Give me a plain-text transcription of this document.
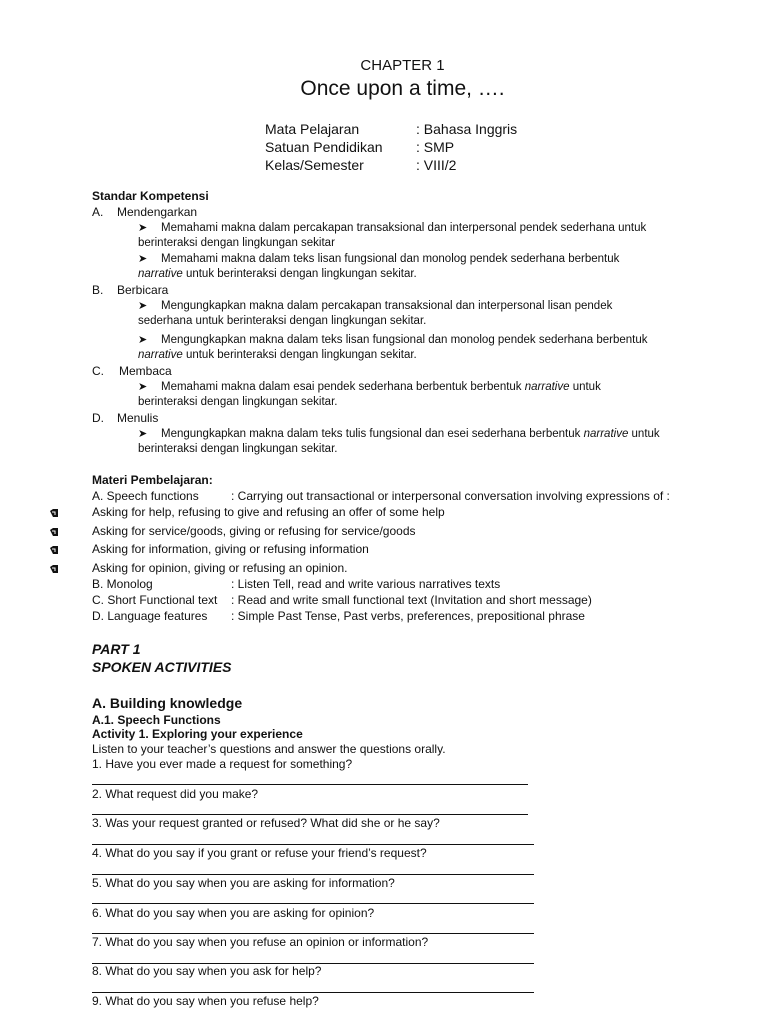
CHAPTER 1
Once upon a time, ….
Mata Pelajaran	: Bahasa Inggris
Satuan Pendidikan : SMP
Kelas/Semester	: VIII/2
Standar Kompetensi
A. Mendengarkan
➤ Memahami makna dalam percakapan transaksional dan interpersonal pendek sederhana untuk
berinteraksi dengan lingkungan sekitar
➤ Memahami makna dalam teks lisan fungsional dan monolog pendek sederhana berbentuk
narrative untuk berinteraksi dengan lingkungan sekitar.
B. Berbicara
➤ Mengungkapkan makna dalam percakapan transaksional dan interpersonal lisan pendek
sederhana untuk berinteraksi dengan lingkungan sekitar.
➤ Mengungkapkan makna dalam teks lisan fungsional dan monolog pendek sederhana berbentuk
narrative untuk berinteraksi dengan lingkungan sekitar.
C. Membaca
➤ Memahami makna dalam esai pendek sederhana berbentuk berbentuk narrative untuk
berinteraksi dengan lingkungan sekitar.
D. Menulis
➤ Mengungkapkan makna dalam teks tulis fungsional dan esei sederhana berbentuk narrative untuk
berinteraksi dengan lingkungan sekitar.
Materi Pembelajaran:
A. Speech functions	: Carrying out transactional or interpersonal conversation involving expressions of :
Asking for help, refusing to give and refusing an offer of some help
Asking for service/goods, giving or refusing for service/goods
Asking for information, giving or refusing information
Asking for opinion, giving or refusing an opinion.
B. Monolog	: Listen Tell, read and write various narratives texts
C. Short Functional text : Read and write small functional text (Invitation and short message)
D. Language features : Simple Past Tense, Past verbs, preferences, prepositional phrase
PART 1
SPOKEN ACTIVITIES
A. Building knowledge
A.1. Speech Functions
Activity 1. Exploring your experience
Listen to your teacher’s questions and answer the questions orally.
1. Have you ever made a request for something?
2. What request did you make?
3. Was your request granted or refused? What did she or he say?
4. What do you say if you grant or refuse your friend’s request?
5. What do you say when you are asking for information?
6. What do you say when you are asking for opinion?
7. What do you say when you refuse an opinion or information?
8. What do you say when you ask for help?
9. What do you say when you refuse help?
